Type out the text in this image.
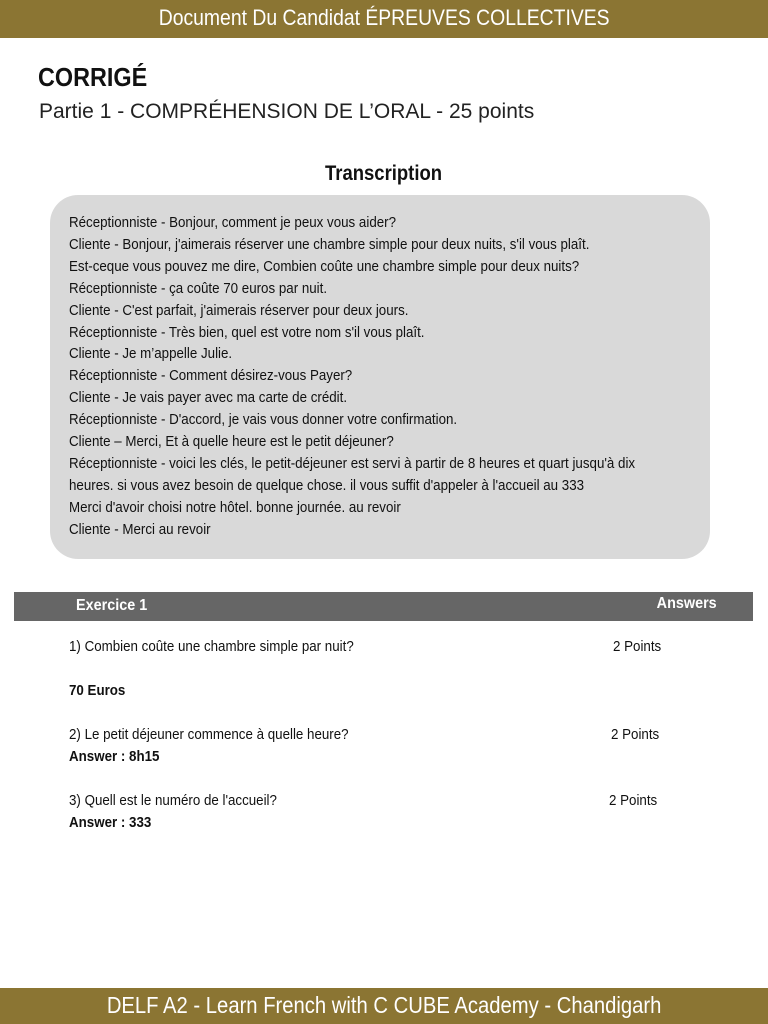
Document Du Candidat ÉPREUVES COLLECTIVES
CORRIGÉ
Partie 1 - COMPRÉHENSION DE L’ORAL - 25 points
Transcription
Réceptionniste - Bonjour, comment je peux vous aider?
Cliente - Bonjour, j'aimerais réserver une chambre simple pour deux nuits, s'il vous plaît.
Est-ceque vous pouvez me dire, Combien coûte une chambre simple pour deux nuits?
Réceptionniste - ça coûte 70 euros par nuit.
Cliente - C'est parfait, j'aimerais réserver pour deux jours.
Réceptionniste - Très bien, quel est votre nom s'il vous plaît.
Cliente - Je m’appelle Julie.
Réceptionniste - Comment désirez-vous Payer?
Cliente - Je vais payer avec ma carte de crédit.
Réceptionniste - D'accord, je vais vous donner votre confirmation.
Cliente – Merci, Et à quelle heure est le petit déjeuner?
Réceptionniste - voici les clés, le petit-déjeuner est servi à partir de 8 heures et quart jusqu'à dix
heures. si vous avez besoin de quelque chose. il vous suffit d'appeler à l'accueil au 333
Merci d'avoir choisi notre hôtel. bonne journée. au revoir
Cliente - Merci au revoir
Exercice 1	Answers
1) Combien coûte une chambre simple par nuit?	2 Points
70 Euros
2) Le petit déjeuner commence à quelle heure?	2 Points
Answer : 8h15
3) Quell est le numéro de l'accueil?	2 Points
Answer : 333
DELF A2 - Learn French with C CUBE Academy - Chandigarh
